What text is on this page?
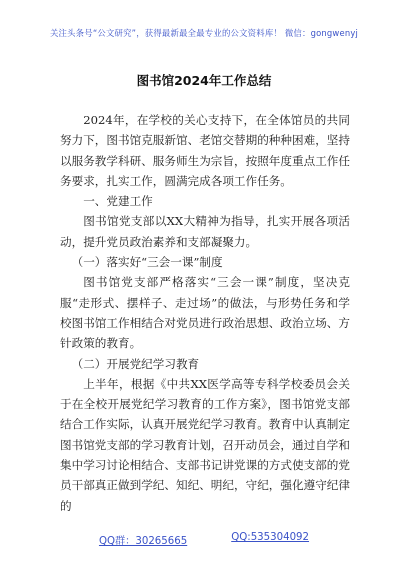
关注头条号“公文研究”，获得最新最全最专业的公文资料库！ 微信：gongwenyj
图书馆2024年工作总结

2024年，在学校的关心支持下，在全体馆员的共同努力下，图书馆克服新馆、老馆交替期的种种困难，坚持以服务教学科研、服务师生为宗旨，按照年度重点工作任务要求，扎实工作，圆满完成各项工作任务。

一、党建工作

图书馆党支部以XX大精神为指导，扎实开展各项活动，提升党员政治素养和支部凝聚力。

（一）落实好“三会一课”制度

图书馆党支部严格落实“三会一课”制度，坚决克服“走形式、摆样子、走过场”的做法，与形势任务和学校图书馆工作相结合对党员进行政治思想、政治立场、方针政策的教育。

（二）开展党纪学习教育

上半年，根据《中共XX医学高等专科学校委员会关于在全校开展党纪学习教育的工作方案》，图书馆党支部结合工作实际，认真开展党纪学习教育。教育中认真制定图书馆党支部的学习教育计划，召开动员会，通过自学和集中学习讨论相结合、支部书记讲党课的方式使支部的党员干部真正做到学纪、知纪、明纪，守纪，强化遵守纪律的

QQ群：30265665	QQ:535304092
